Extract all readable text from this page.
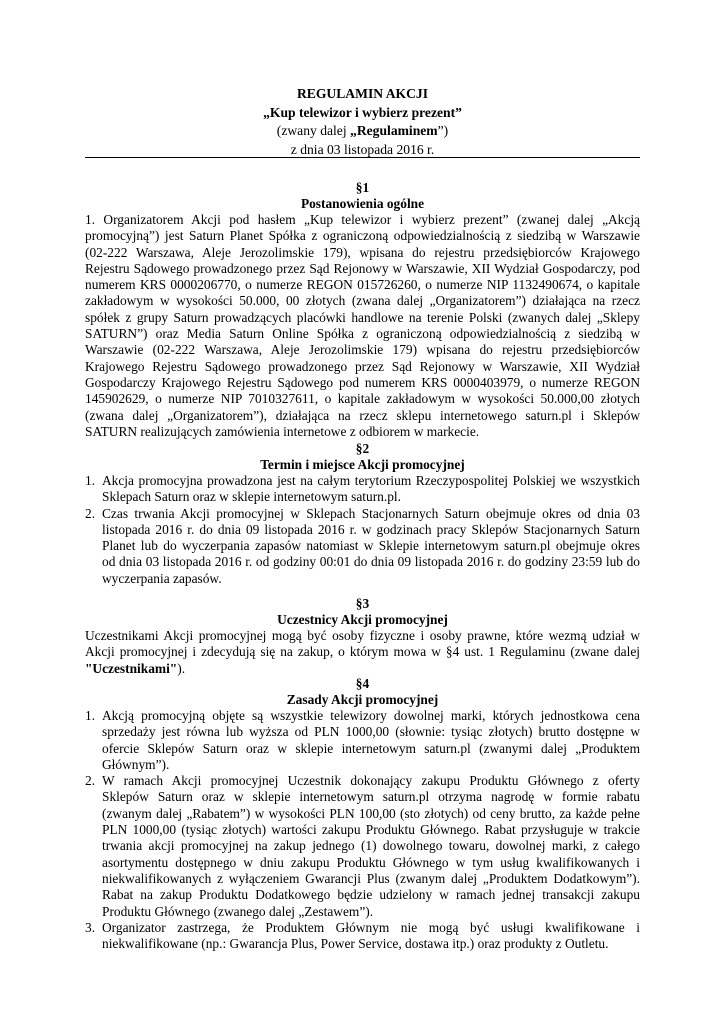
REGULAMIN AKCJI
„Kup telewizor i wybierz prezent”
(zwany dalej „Regulaminem”)
z dnia 03 listopada 2016 r.
§1
Postanowienia ogólne
1. Organizatorem Akcji pod hasłem „Kup telewizor i wybierz prezent” (zwanej dalej „Akcją
promocyjną”) jest Saturn Planet Spółka z ograniczoną odpowiedzialnością z siedzibą w Warszawie
(02-222 Warszawa, Aleje Jerozolimskie 179), wpisana do rejestru przedsiębiorców Krajowego
Rejestru Sądowego prowadzonego przez Sąd Rejonowy w Warszawie, XII Wydział Gospodarczy, pod
numerem KRS 0000206770, o numerze REGON 015726260, o numerze NIP 1132490674, o kapitale
zakładowym w wysokości 50.000, 00 złotych (zwana dalej „Organizatorem”) działająca na rzecz
spółek z grupy Saturn prowadzących placówki handlowe na terenie Polski (zwanych dalej „Sklepy
SATURN”) oraz Media Saturn Online Spółka z ograniczoną odpowiedzialnością z siedzibą w
Warszawie (02-222 Warszawa, Aleje Jerozolimskie 179) wpisana do rejestru przedsiębiorców
Krajowego Rejestru Sądowego prowadzonego przez Sąd Rejonowy w Warszawie, XII Wydział
Gospodarczy Krajowego Rejestru Sądowego pod numerem KRS 0000403979, o numerze REGON
145902629, o numerze NIP 7010327611, o kapitale zakładowym w wysokości 50.000,00 złotych
(zwana dalej „Organizatorem”), działająca na rzecz sklepu internetowego saturn.pl i Sklepów
SATURN realizujących zamówienia internetowe z odbiorem w markecie.
§2
Termin i miejsce Akcji promocyjnej
1. Akcja promocyjna prowadzona jest na całym terytorium Rzeczypospolitej Polskiej we wszystkich
Sklepach Saturn oraz w sklepie internetowym saturn.pl.
2. Czas trwania Akcji promocyjnej w Sklepach Stacjonarnych Saturn obejmuje okres od dnia 03
listopada 2016 r. do dnia 09 listopada 2016 r. w godzinach pracy Sklepów Stacjonarnych Saturn
Planet lub do wyczerpania zapasów natomiast w Sklepie internetowym saturn.pl obejmuje okres
od dnia 03 listopada 2016 r. od godziny 00:01 do dnia 09 listopada 2016 r. do godziny 23:59 lub do
wyczerpania zapasów.
§3
Uczestnicy Akcji promocyjnej
Uczestnikami Akcji promocyjnej mogą być osoby fizyczne i osoby prawne, które wezmą udział w
Akcji promocyjnej i zdecydują się na zakup, o którym mowa w §4 ust. 1 Regulaminu (zwane dalej
"Uczestnikami").
§4
Zasady Akcji promocyjnej
1. Akcją promocyjną objęte są wszystkie telewizory dowolnej marki, których jednostkowa cena
sprzedaży jest równa lub wyższa od PLN 1000,00 (słownie: tysiąc złotych) brutto dostępne w
ofercie Sklepów Saturn oraz w sklepie internetowym saturn.pl (zwanymi dalej „Produktem
Głównym”).
2. W ramach Akcji promocyjnej Uczestnik dokonający zakupu Produktu Głównego z oferty
Sklepów Saturn oraz w sklepie internetowym saturn.pl otrzyma nagrodę w formie rabatu
(zwanym dalej „Rabatem”) w wysokości PLN 100,00 (sto złotych) od ceny brutto, za każde pełne
PLN 1000,00 (tysiąc złotych) wartości zakupu Produktu Głównego. Rabat przysługuje w trakcie
trwania akcji promocyjnej na zakup jednego (1) dowolnego towaru, dowolnej marki, z całego
asortymentu dostępnego w dniu zakupu Produktu Głównego w tym usług kwalifikowanych i
niekwalifikowanych z wyłączeniem Gwarancji Plus (zwanym dalej „Produktem Dodatkowym”).
Rabat na zakup Produktu Dodatkowego będzie udzielony w ramach jednej transakcji zakupu
Produktu Głównego (zwanego dalej „Zestawem”).
3. Organizator zastrzega, że Produktem Głównym nie mogą być usługi kwalifikowane i
niekwalifikowane (np.: Gwarancja Plus, Power Service, dostawa itp.) oraz produkty z Outletu.
